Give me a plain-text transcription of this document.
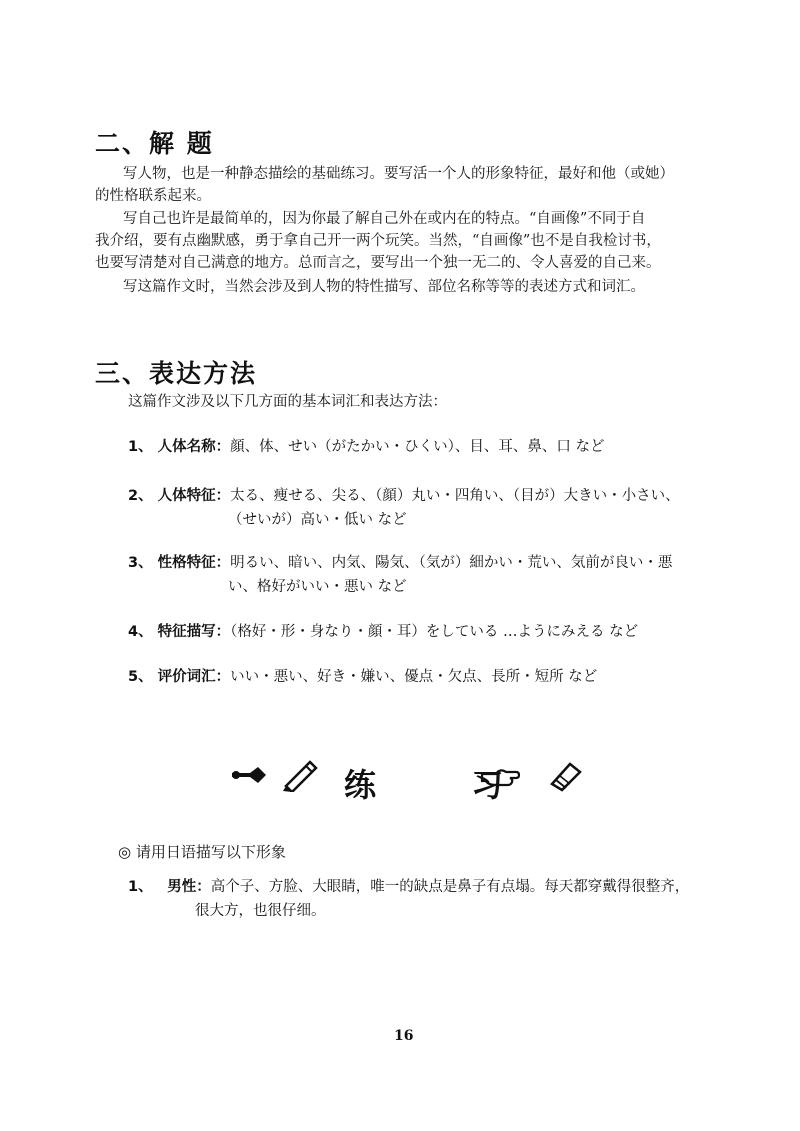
二、解 题
写人物，也是一种静态描绘的基础练习。要写活一个人的形象特征，最好和他（或她）
的性格联系起来。
写自己也许是最简单的，因为你最了解自己外在或内在的特点。“自画像”不同于自
我介绍，要有点幽默感，勇于拿自己开一两个玩笑。当然，“自画像”也不是自我检讨书，
也要写清楚对自己满意的地方。总而言之，要写出一个独一无二的、令人喜爱的自己来。
写这篇作文时，当然会涉及到人物的特性描写、部位名称等等的表述方式和词汇。
三、表达方法
这篇作文涉及以下几方面的基本词汇和表达方法：
1、 人体名称：顔、体、せい（がたかい・ひくい）、目、耳、鼻、口 など
2、 人体特征：太る、痩せる、尖る、（顔）丸い・四角い、（目が）大きい・小さい、
（せいが）高い・低い など
3、 性格特征：明るい、暗い、内気、陽気、（気が）細かい・荒い、気前が良い・悪
い、格好がいい・悪い など
4、 特征描写：（格好・形・身なり・顔・耳）をしている …ようにみえる など
5、 评价词汇：いい・悪い、好き・嫌い、優点・欠点、長所・短所 など
练 习
◎ 请用日语描写以下形象
1、 男性：高个子、方脸、大眼睛，唯一的缺点是鼻子有点塌。每天都穿戴得很整齐，
很大方，也很仔细。
16
